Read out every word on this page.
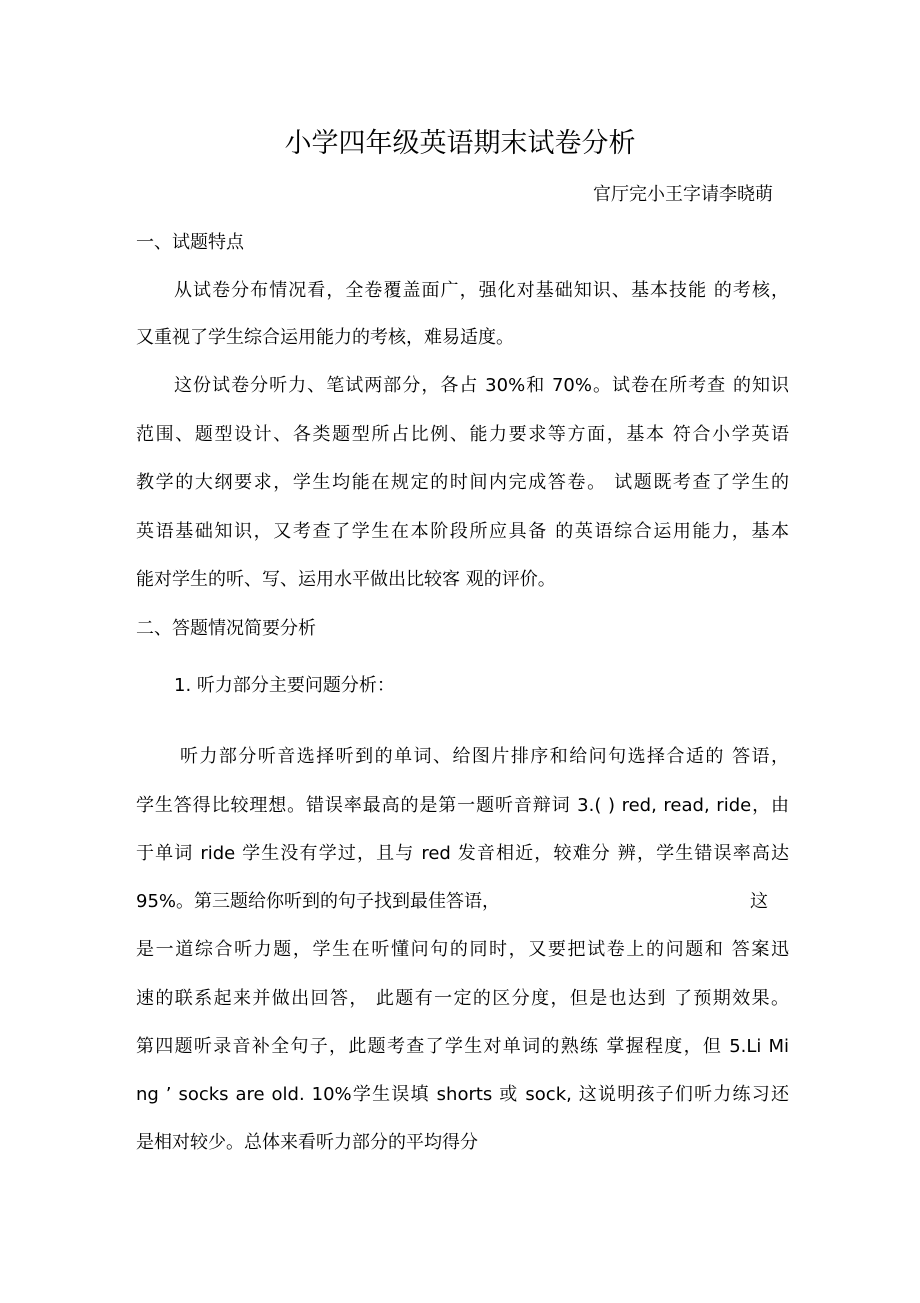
小学四年级英语期末试卷分析
官厅完小王字请李晓萌
一、试题特点
从试卷分布情况看，全卷覆盖面广，强化对基础知识、基本技能 的考核，
又重视了学生综合运用能力的考核，难易适度。
这份试卷分听力、笔试两部分，各占 30%和 70%。试卷在所考查 的知识
范围、题型设计、各类题型所占比例、能力要求等方面，基本 符合小学英语
教学的大纲要求，学生均能在规定的时间内完成答卷。 试题既考查了学生的
英语基础知识，又考查了学生在本阶段所应具备 的英语综合运用能力，基本
能对学生的听、写、运用水平做出比较客 观的评价。
二、答题情况简要分析
1. 听力部分主要问题分析：
听力部分听音选择听到的单词、给图片排序和给问句选择合适的 答语，
学生答得比较理想。错误率最高的是第一题听音辩词 3.( ) red, read, ride，由
于单词 ride 学生没有学过，且与 red 发音相近，较难分 辨，学生错误率高达
95%。第三题给你听到的句子找到最佳答语，	这
是一道综合听力题，学生在听懂问句的同时，又要把试卷上的问题和 答案迅
速的联系起来并做出回答， 此题有一定的区分度，但是也达到 了预期效果。
第四题听录音补全句子，此题考查了学生对单词的熟练 掌握程度，但 5.Li Mi
ng ’ socks are old. 10%学生误填 shorts 或 sock, 这说明孩子们听力练习还
是相对较少。总体来看听力部分的平均得分
